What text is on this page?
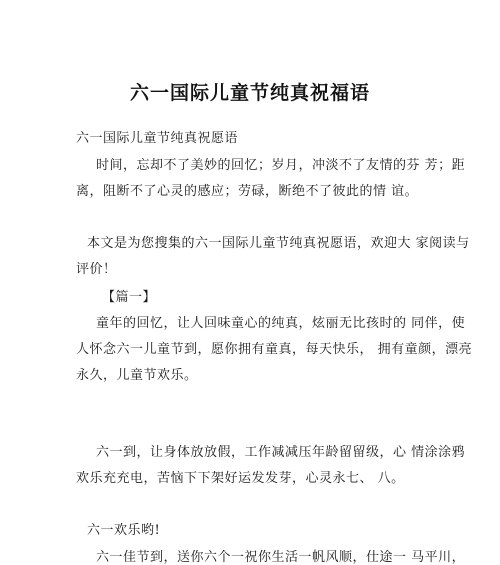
六一国际儿童节纯真祝福语
六一国际儿童节纯真祝愿语
时间，忘却不了美妙的回忆；岁月，冲淡不了友情的芬 芳；距
离，阻断不了心灵的感应；劳碌，断绝不了彼此的情 谊。
本文是为您搜集的六一国际儿童节纯真祝愿语，欢迎大 家阅读与
评价！
【篇一】
童年的回忆，让人回味童心的纯真，炫丽无比孩时的 同伴，使
人怀念六一儿童节到，愿你拥有童真，每天快乐， 拥有童颜，漂亮
永久，儿童节欢乐。
六一到，让身体放放假，工作减减压年龄留留级，心 情涂涂鸦
欢乐充充电，苦恼下下架好运发发芽，心灵永七、 八。
六一欢乐哟!
六一佳节到，送你六个一祝你生活一帆风顺，仕途一 马平川，
